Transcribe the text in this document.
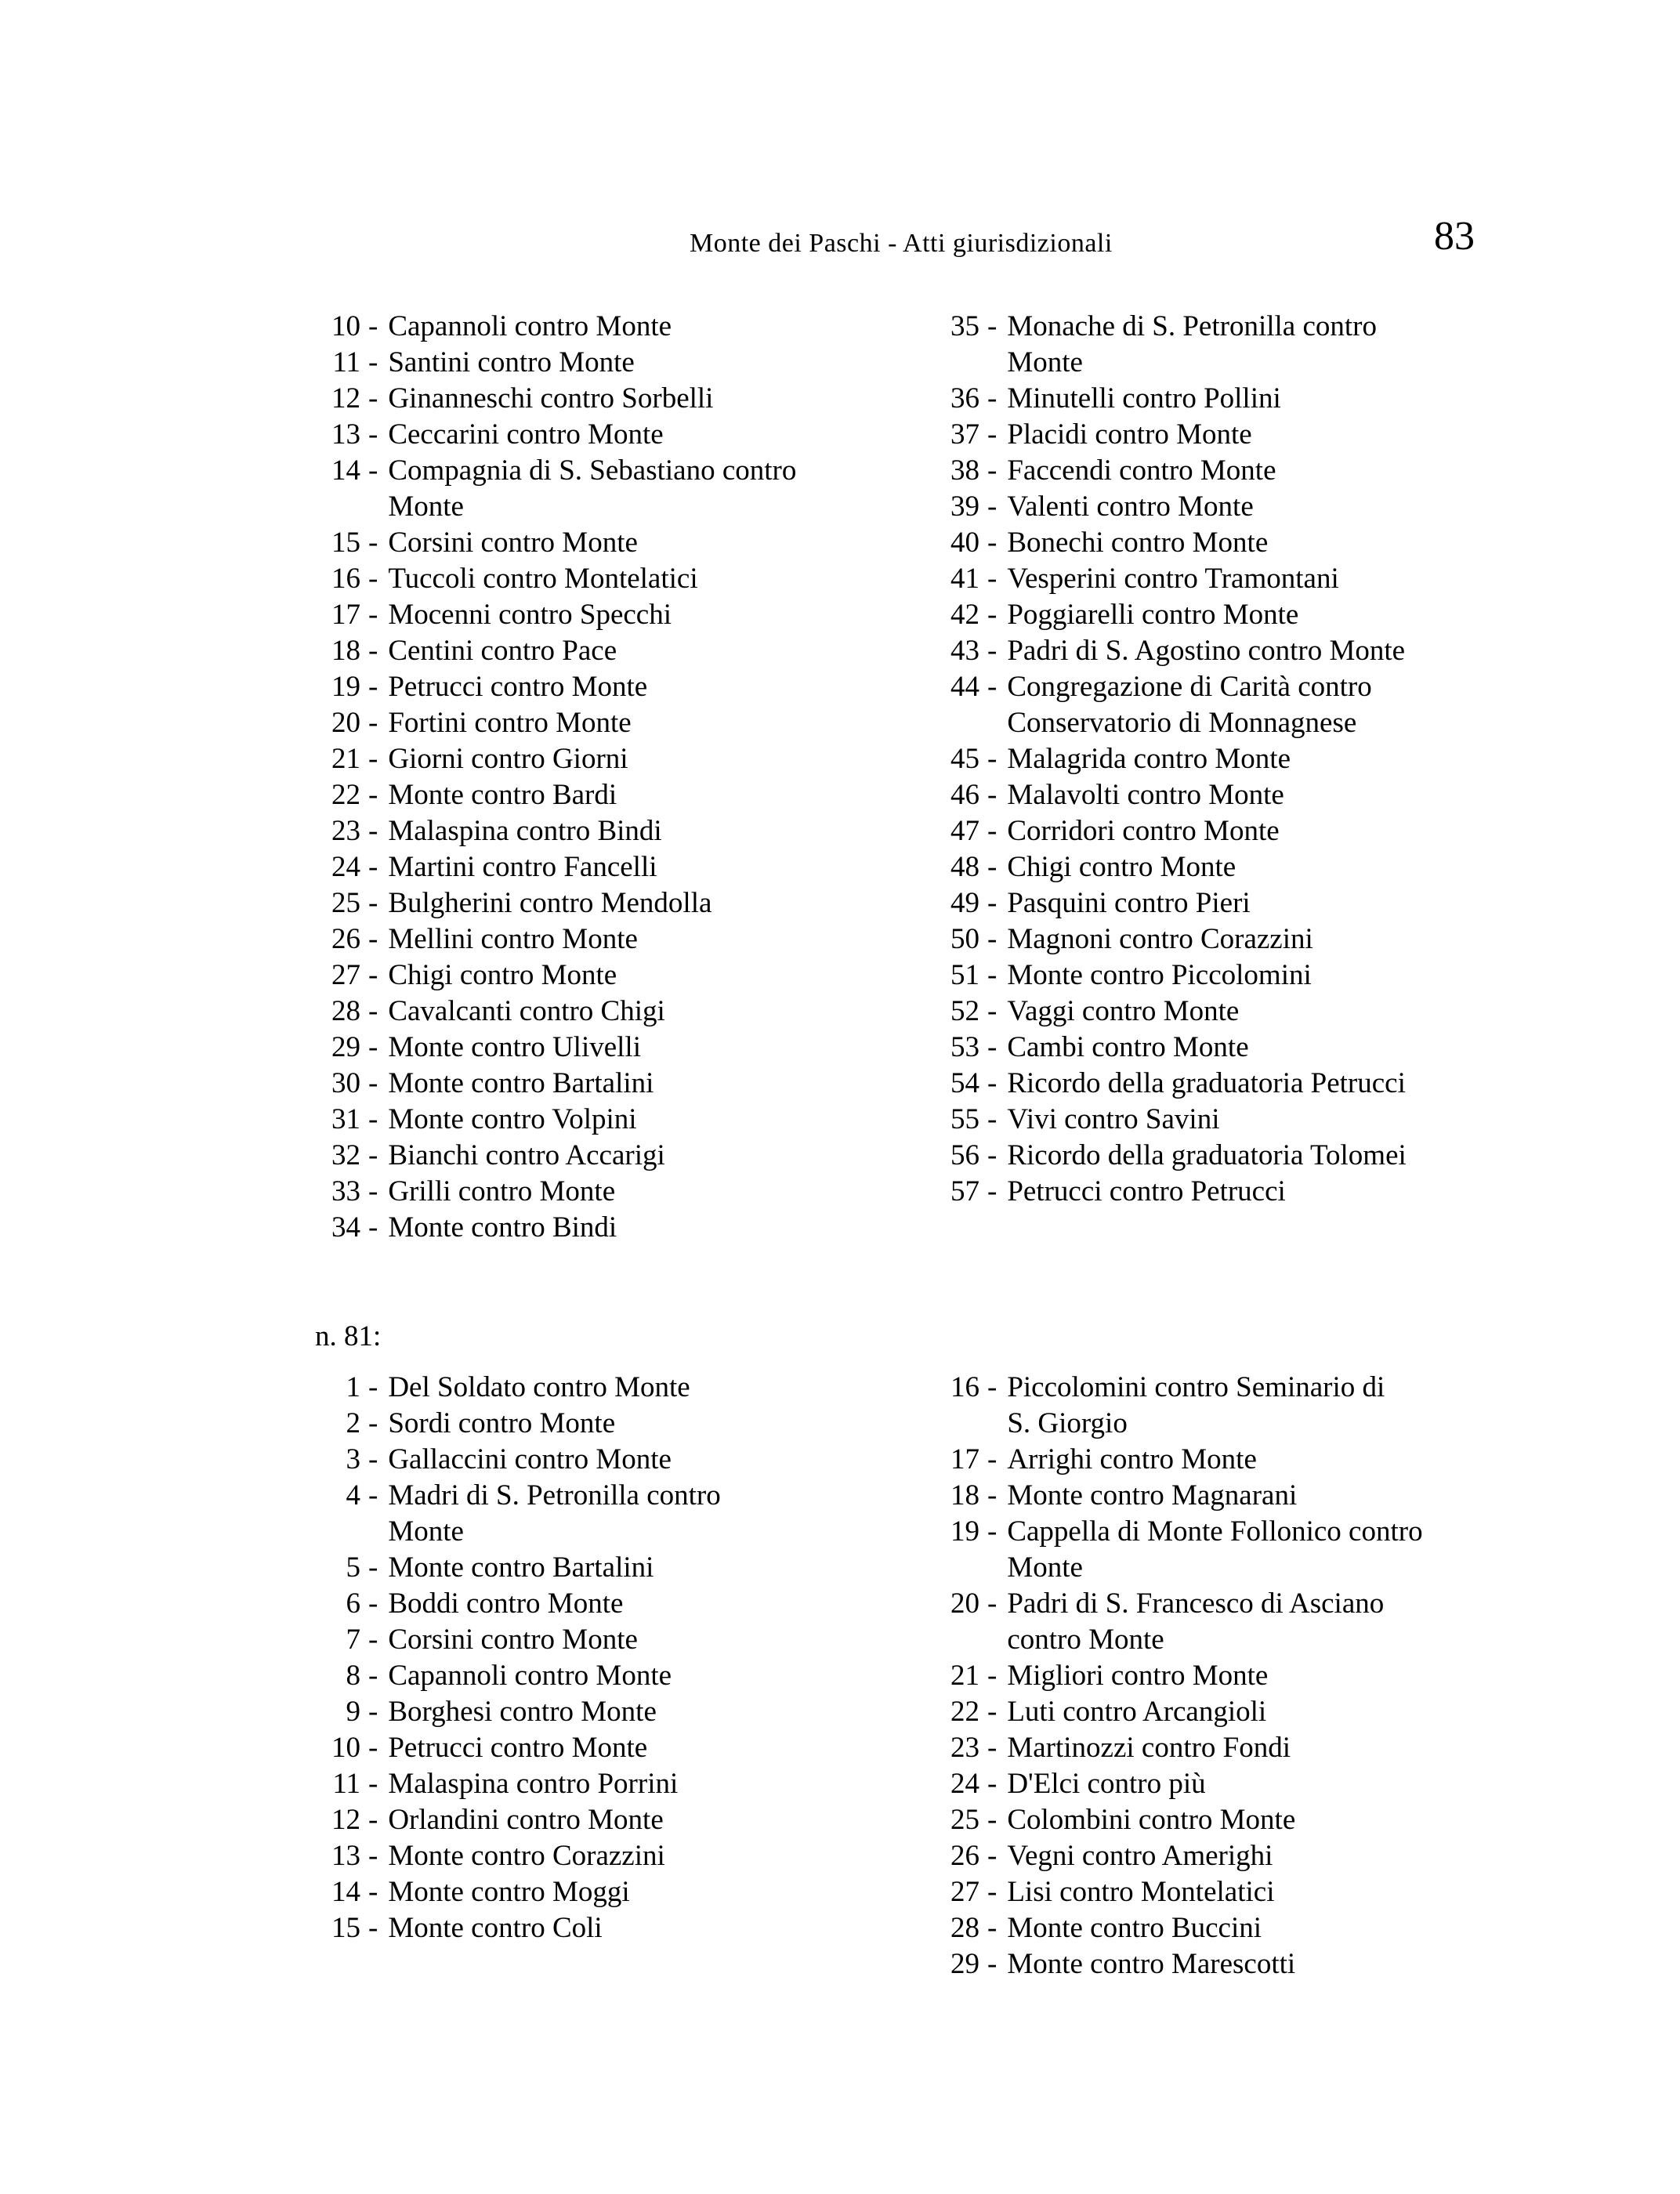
Monte dei Paschi - Atti giurisdizionali	83
10 - Capannoli contro Monte
11 - Santini contro Monte
12 - Ginanneschi contro Sorbelli
13 - Ceccarini contro Monte
14 - Compagnia di S. Sebastiano contro
Monte
15 - Corsini contro Monte
16 - Tuccoli contro Montelatici
17 - Mocenni contro Specchi
18 - Centini contro Pace
19 - Petrucci contro Monte
20 - Fortini contro Monte
21 - Giorni contro Giorni
22 - Monte contro Bardi
23 - Malaspina contro Bindi
24 - Martini contro Fancelli
25 - Bulgherini contro Mendolla
26 - Mellini contro Monte
27 - Chigi contro Monte
28 - Cavalcanti contro Chigi
29 - Monte contro Ulivelli
30 - Monte contro Bartalini
31 - Monte contro Volpini
32 - Bianchi contro Accarigi
33 - Grilli contro Monte
34 - Monte contro Bindi
35 - Monache di S. Petronilla contro
Monte
36 - Minutelli contro Pollini
37 - Placidi contro Monte
38 - Faccendi contro Monte
39 - Valenti contro Monte
40 - Bonechi contro Monte
41 - Vesperini contro Tramontani
42 - Poggiarelli contro Monte
43 - Padri di S. Agostino contro Monte
44 - Congregazione di Carità contro
Conservatorio di Monnagnese
45 - Malagrida contro Monte
46 - Malavolti contro Monte
47 - Corridori contro Monte
48 - Chigi contro Monte
49 - Pasquini contro Pieri
50 - Magnoni contro Corazzini
51 - Monte contro Piccolomini
52 - Vaggi contro Monte
53 - Cambi contro Monte
54 - Ricordo della graduatoria Petrucci
55 - Vivi contro Savini
56 - Ricordo della graduatoria Tolomei
57 - Petrucci contro Petrucci
n. 81:
1 - Del Soldato contro Monte
2 - Sordi contro Monte
3 - Gallaccini contro Monte
4 - Madri di S. Petronilla contro
Monte
5 - Monte contro Bartalini
6 - Boddi contro Monte
7 - Corsini contro Monte
8 - Capannoli contro Monte
9 - Borghesi contro Monte
10 - Petrucci contro Monte
11 - Malaspina contro Porrini
12 - Orlandini contro Monte
13 - Monte contro Corazzini
14 - Monte contro Moggi
15 - Monte contro Coli
16 - Piccolomini contro Seminario di
S. Giorgio
17 - Arrighi contro Monte
18 - Monte contro Magnarani
19 - Cappella di Monte Follonico contro
Monte
20 - Padri di S. Francesco di Asciano
contro Monte
21 - Migliori contro Monte
22 - Luti contro Arcangioli
23 - Martinozzi contro Fondi
24 - D'Elci contro più
25 - Colombini contro Monte
26 - Vegni contro Amerighi
27 - Lisi contro Montelatici
28 - Monte contro Buccini
29 - Monte contro Marescotti
